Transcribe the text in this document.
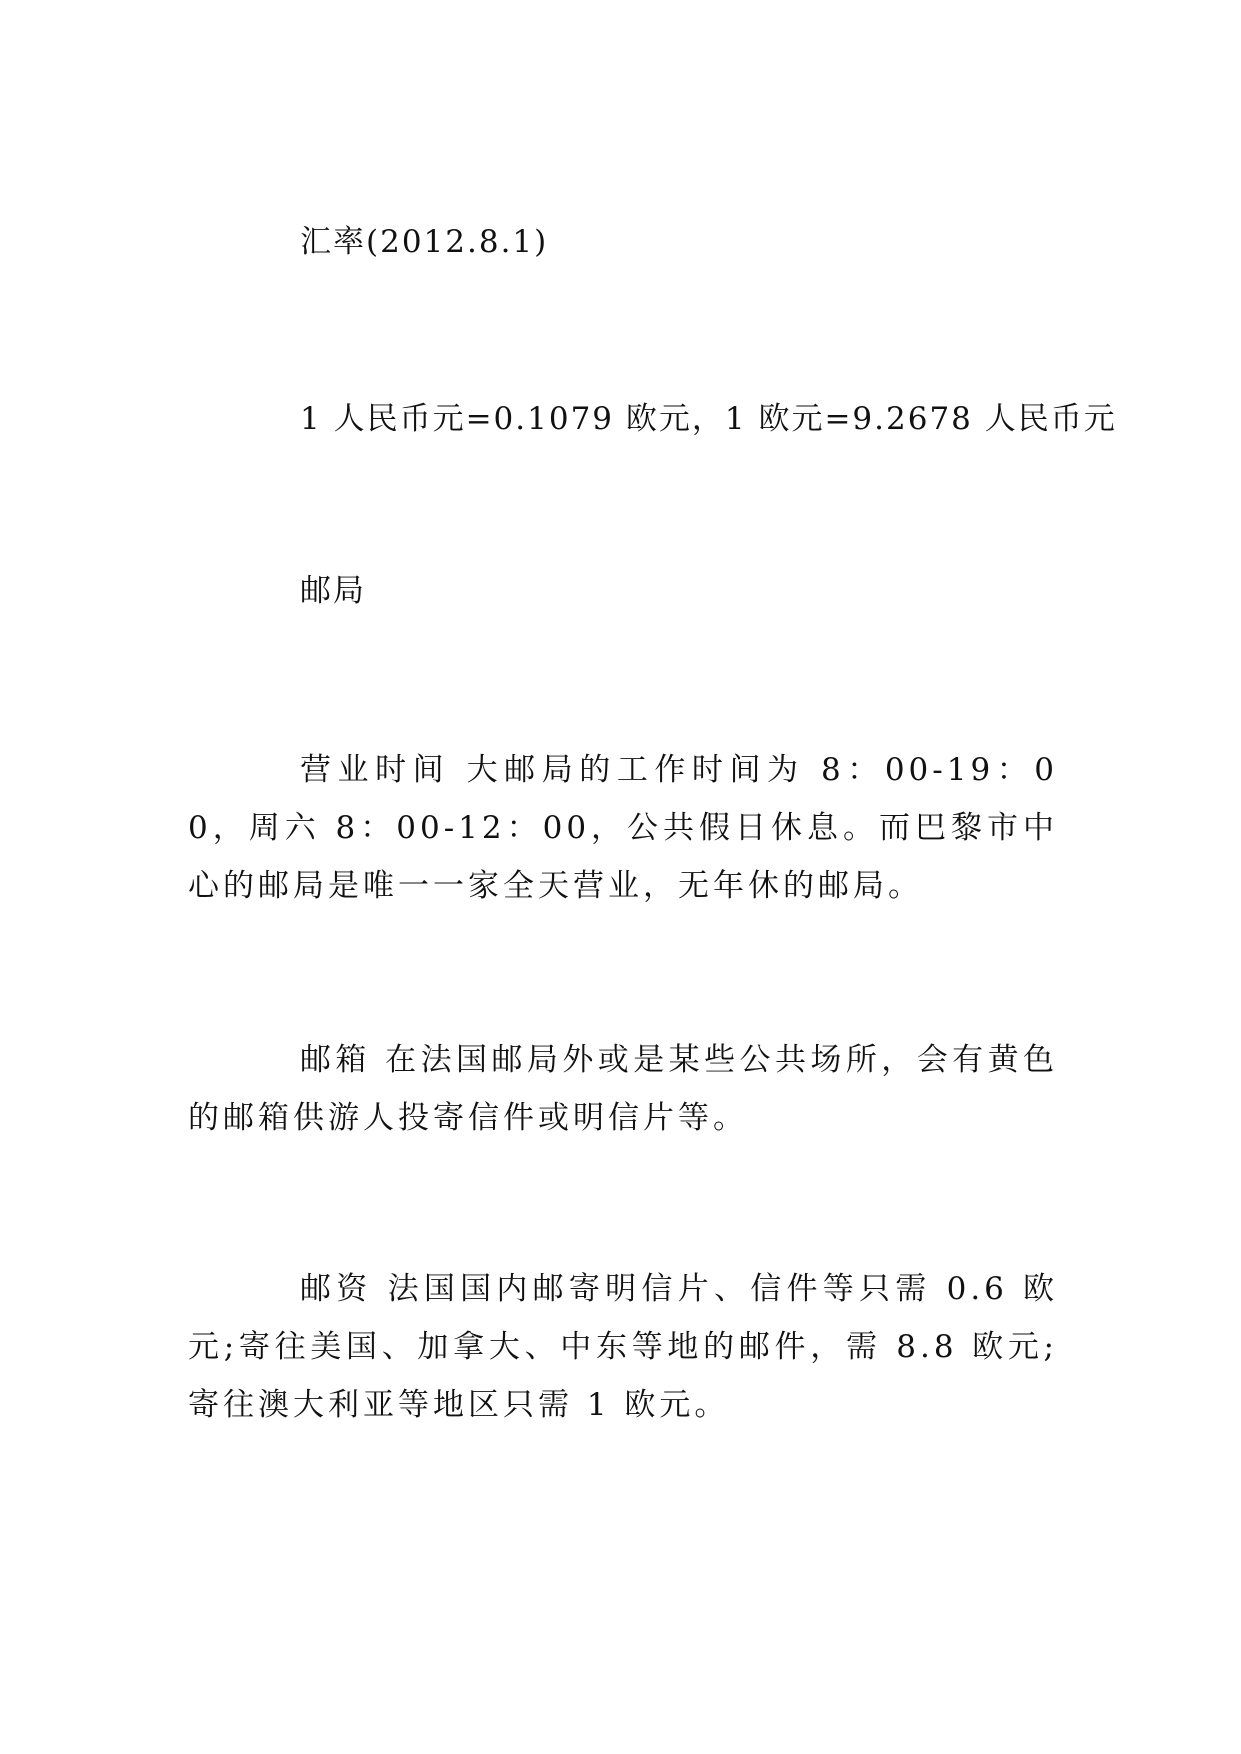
汇率(2012.8.1)
1 人民币元=0.1079 欧元，1 欧元=9.2678 人民币元
邮局
营业时间 大邮局的工作时间为 8：00-19：00，周六 8：00-12：00，公共假日休息。而巴黎市中心的邮局是唯一一家全天营业，无年休的邮局。
邮箱 在法国邮局外或是某些公共场所，会有黄色的邮箱供游人投寄信件或明信片等。
邮资 法国国内邮寄明信片、信件等只需 0.6 欧元;寄往美国、加拿大、中东等地的邮件，需 8.8 欧元;寄往澳大利亚等地区只需 1 欧元。
